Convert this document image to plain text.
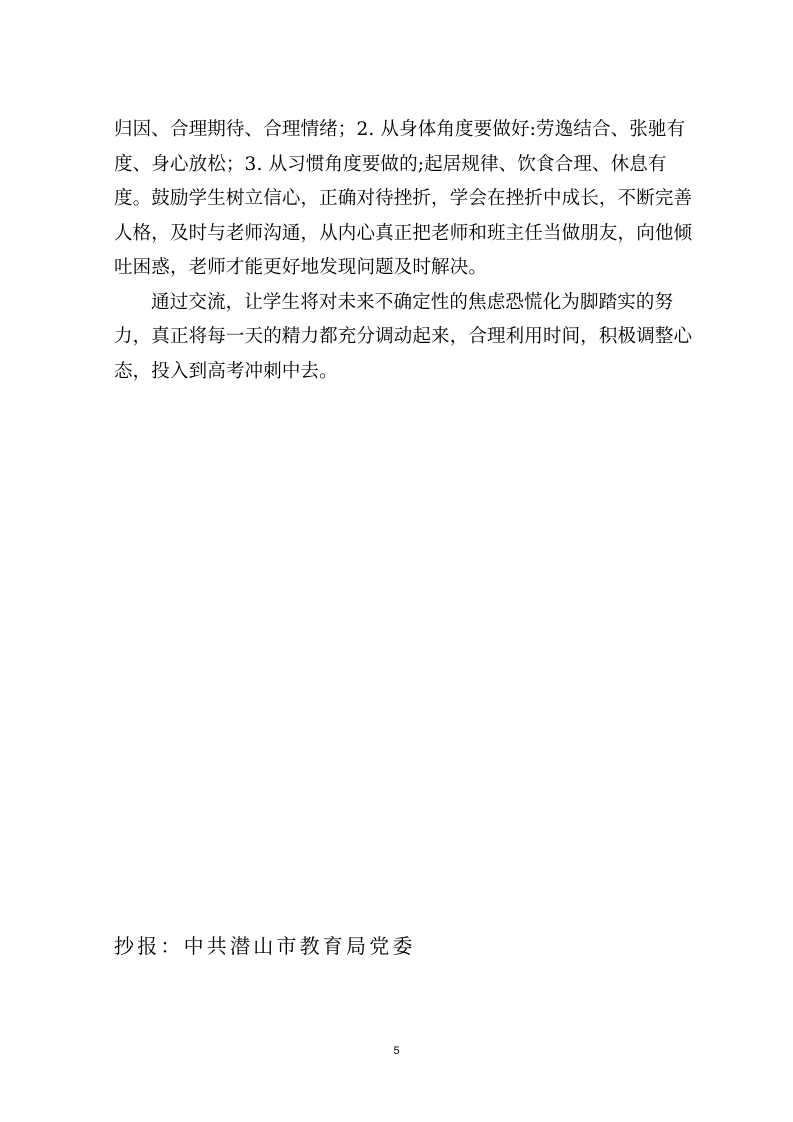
归因、合理期待、合理情绪；2. 从身体角度要做好:劳逸结合、张驰有
度、身心放松；3. 从习惯角度要做的;起居规律、饮食合理、休息有
度。鼓励学生树立信心，正确对待挫折，学会在挫折中成长，不断完善
人格，及时与老师沟通，从内心真正把老师和班主任当做朋友，向他倾
吐困惑，老师才能更好地发现问题及时解决。

通过交流，让学生将对未来不确定性的焦虑恐慌化为脚踏实的努
力，真正将每一天的精力都充分调动起来，合理利用时间，积极调整心
态，投入到高考冲刺中去。

抄报：中共潜山市教育局党委
5
